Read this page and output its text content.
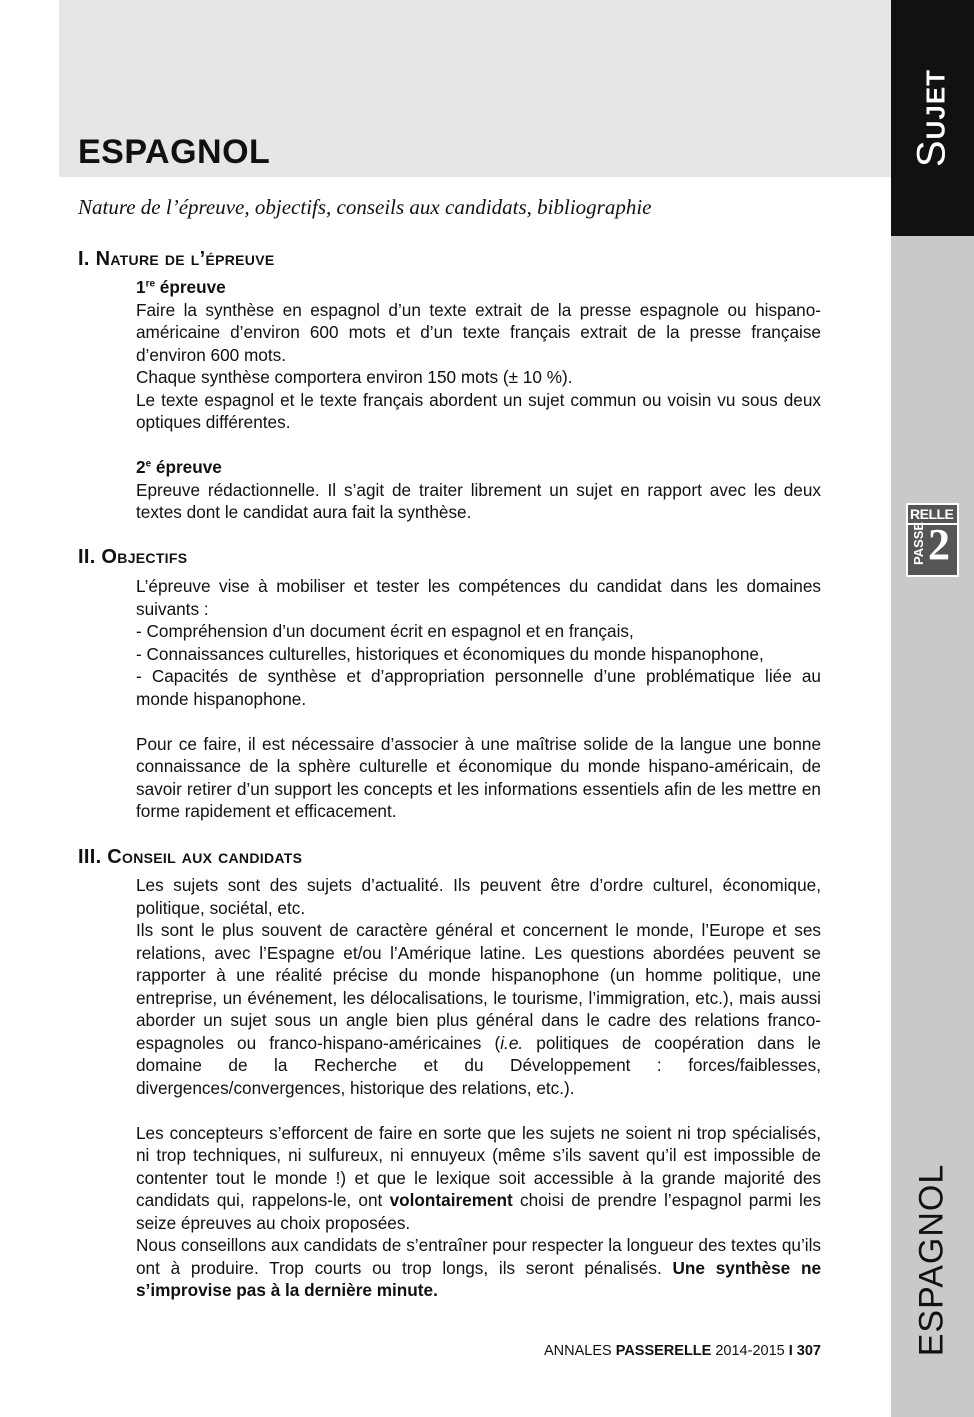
ESPAGNOL

Nature de l’épreuve, objectifs, conseils aux candidats, bibliographie

SUJET
ESPAGNOL
RELLE
PASSE 2
I. Nature de l’épreuve

1re épreuve

Faire la synthèse en espagnol d’un texte extrait de la presse espagnole ou hispano-américaine d’environ 600 mots et d’un texte français extrait de la presse française d’environ 600 mots.

Chaque synthèse comportera environ 150 mots (± 10 %).

Le texte espagnol et le texte français abordent un sujet commun ou voisin vu sous deux optiques différentes.

2e épreuve

Epreuve rédactionnelle. Il s’agit de traiter librement un sujet en rapport avec les deux textes dont le candidat aura fait la synthèse.

II. Objectifs

L’épreuve vise à mobiliser et tester les compétences du candidat dans les domaines suivants :

- Compréhension d’un document écrit en espagnol et en français,

- Connaissances culturelles, historiques et économiques du monde hispanophone,

- Capacités de synthèse et d’appropriation personnelle d’une problématique liée au monde hispanophone.

Pour ce faire, il est nécessaire d’associer à une maîtrise solide de la langue une bonne connaissance de la sphère culturelle et économique du monde hispano-américain, de savoir retirer d’un support les concepts et les informations essentiels afin de les mettre en forme rapidement et efficacement.

III. Conseil aux candidats

Les sujets sont des sujets d’actualité. Ils peuvent être d’ordre culturel, économique, politique, sociétal, etc.

Ils sont le plus souvent de caractère général et concernent le monde, l’Europe et ses relations, avec l’Espagne et/ou l’Amérique latine. Les questions abordées peuvent se rapporter à une réalité précise du monde hispanophone (un homme politique, une entreprise, un événement, les délocalisations, le tourisme, l’immigration, etc.), mais aussi aborder un sujet sous un angle bien plus général dans le cadre des relations franco-espagnoles ou franco-hispano-américaines (i.e. politiques de coopération dans le domaine de la Recherche et du Développement : forces/faiblesses, divergences/convergences, historique des relations, etc.).

Les concepteurs s’efforcent de faire en sorte que les sujets ne soient ni trop spécialisés, ni trop techniques, ni sulfureux, ni ennuyeux (même s’ils savent qu’il est impossible de contenter tout le monde !) et que le lexique soit accessible à la grande majorité des candidats qui, rappelons-le, ont volontairement choisi de prendre l’espagnol parmi les seize épreuves au choix proposées.

Nous conseillons aux candidats de s’entraîner pour respecter la longueur des textes qu’ils ont à produire. Trop courts ou trop longs, ils seront pénalisés. Une synthèse ne s’improvise pas à la dernière minute.

ANNALES PASSERELLE 2014-2015 I 307
